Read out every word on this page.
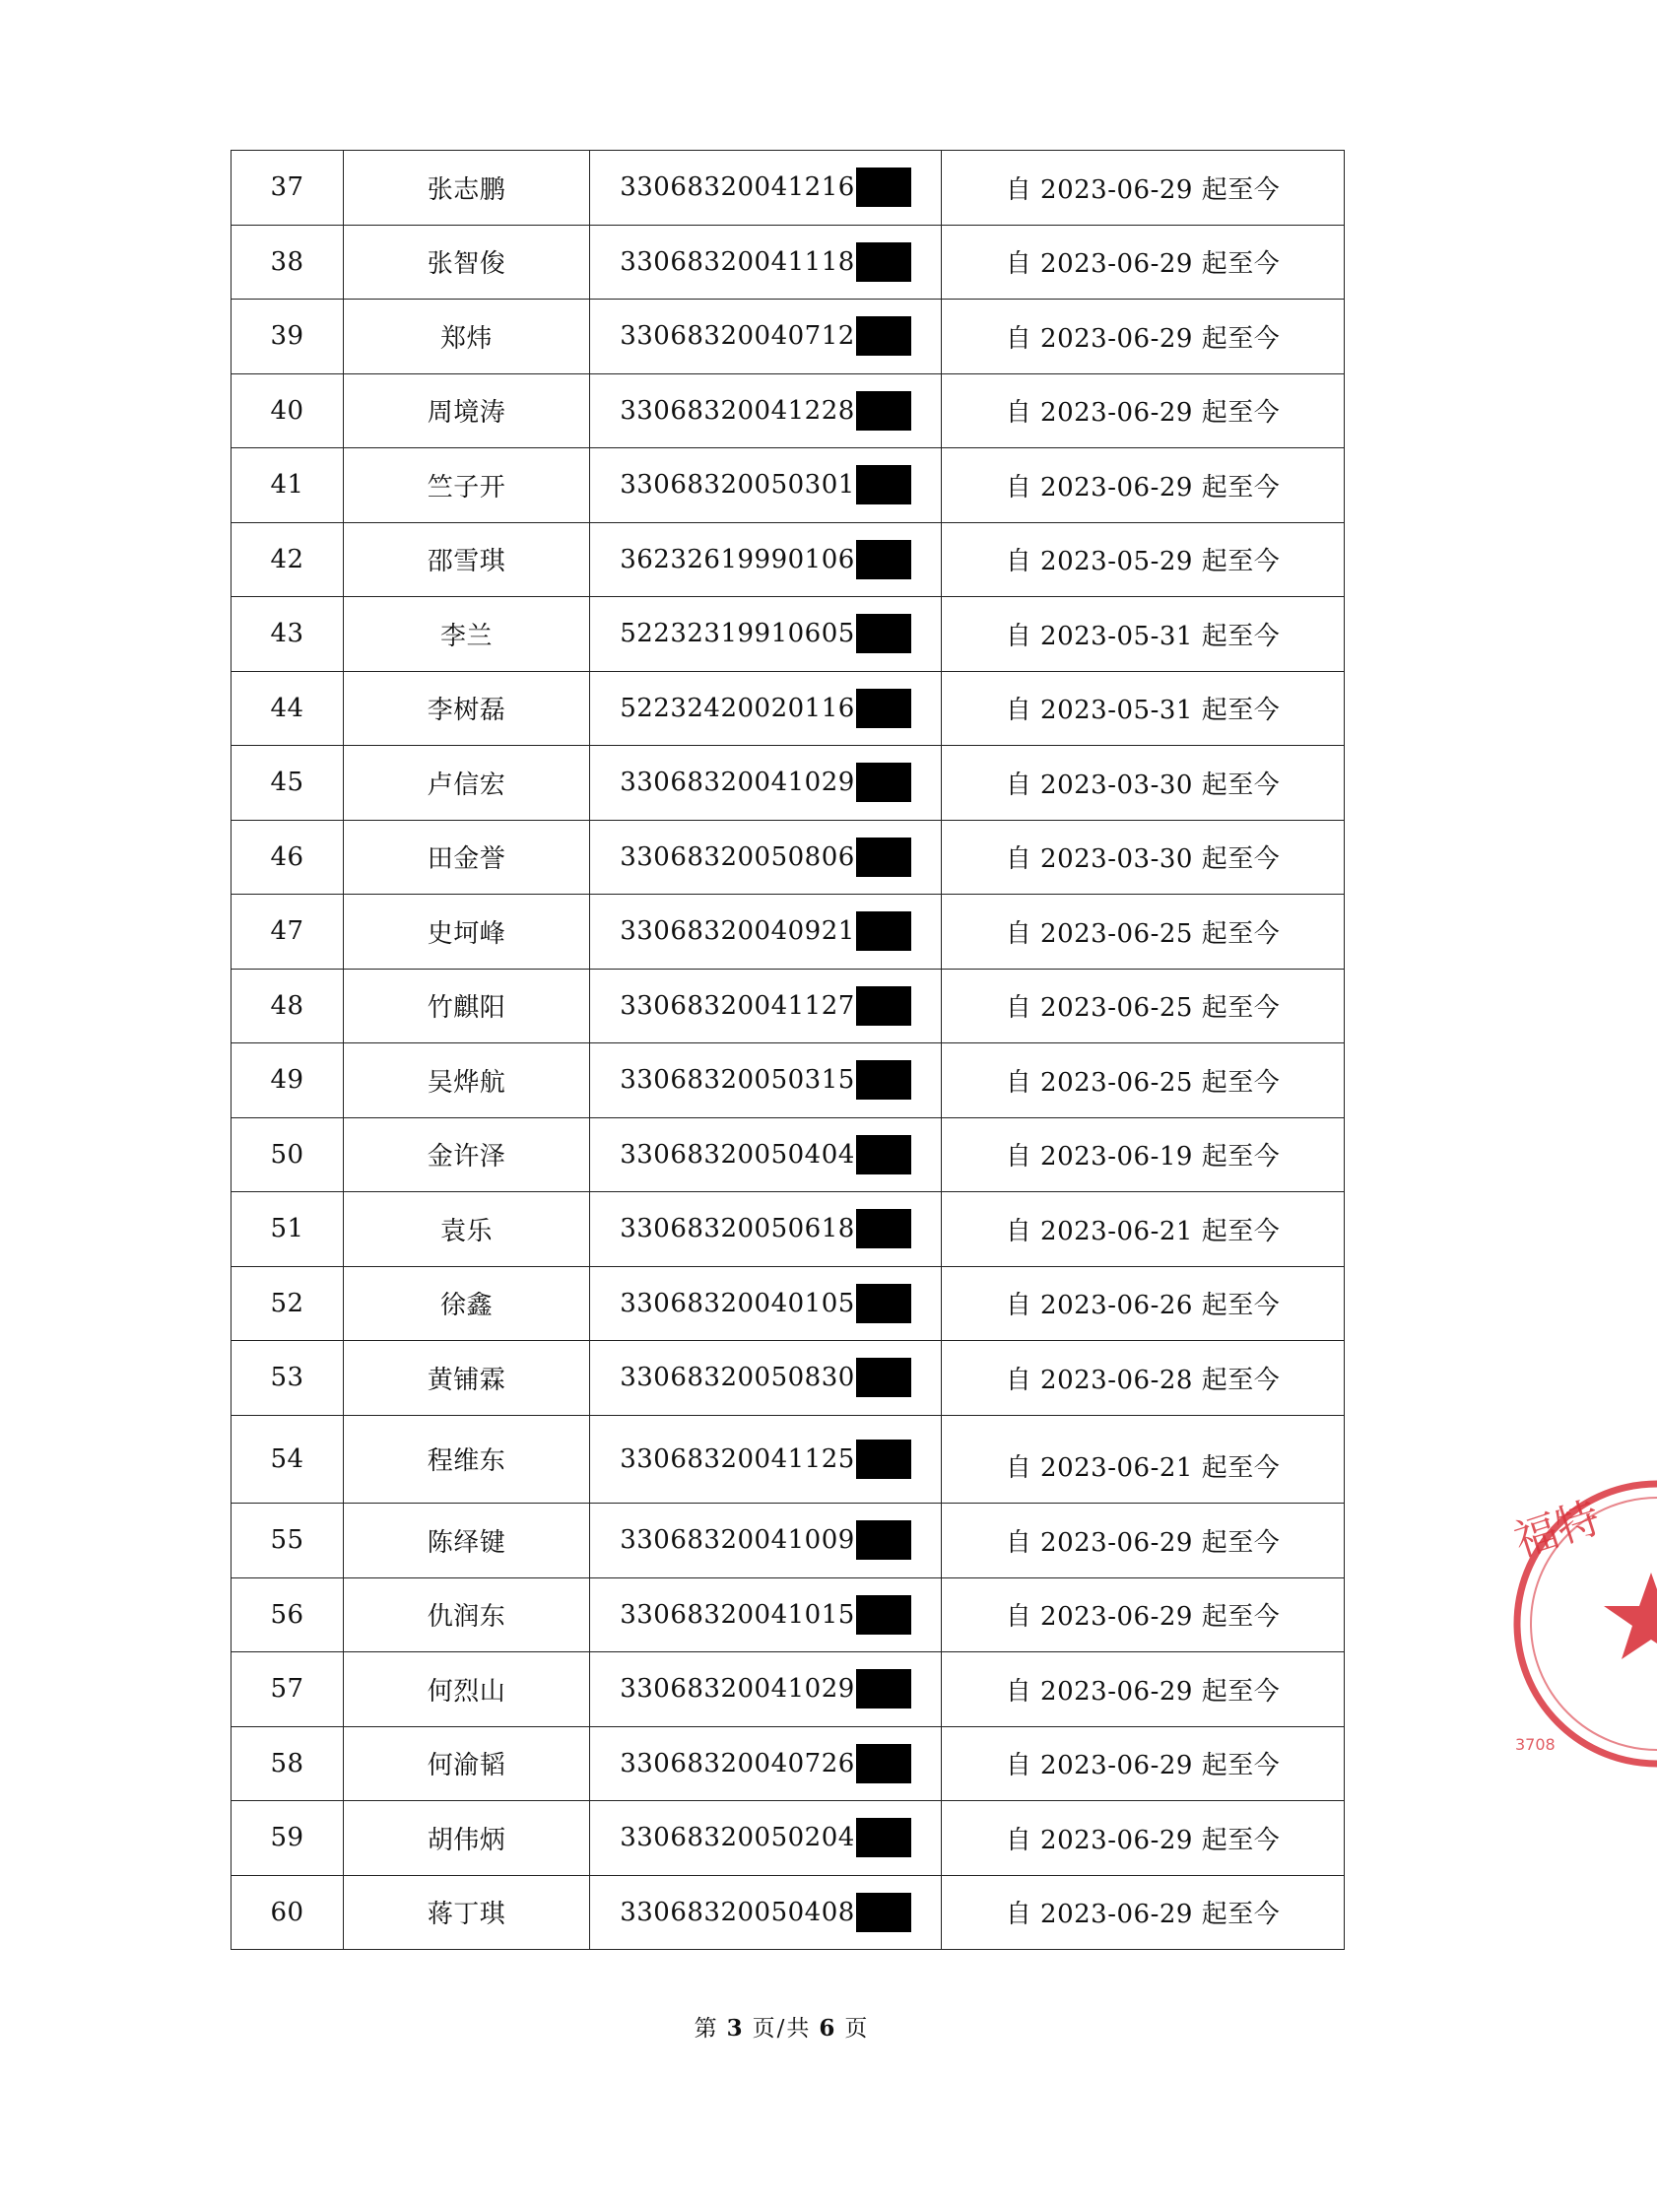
37	张志鹏	33068320041216	自 2023-06-29 起至今
38	张智俊	33068320041118	自 2023-06-29 起至今
39	郑炜	33068320040712	自 2023-06-29 起至今
40	周境涛	33068320041228	自 2023-06-29 起至今
41	竺子开	33068320050301	自 2023-06-29 起至今
42	邵雪琪	36232619990106	自 2023-05-29 起至今
43	李兰	52232319910605	自 2023-05-31 起至今
44	李树磊	52232420020116	自 2023-05-31 起至今
45	卢信宏	33068320041029	自 2023-03-30 起至今
46	田金誉	33068320050806	自 2023-03-30 起至今
47	史坷峰	33068320040921	自 2023-06-25 起至今
48	竹麒阳	33068320041127	自 2023-06-25 起至今
49	吴烨航	33068320050315	自 2023-06-25 起至今
50	金许泽	33068320050404	自 2023-06-19 起至今
51	袁乐	33068320050618	自 2023-06-21 起至今
52	徐鑫	33068320040105	自 2023-06-26 起至今
53	黄铺霖	33068320050830	自 2023-06-28 起至今
54	程维东	33068320041125	自 2023-06-21 起至今
55	陈绎键	33068320041009	自 2023-06-29 起至今
56	仇润东	33068320041015	自 2023-06-29 起至今
57	何烈山	33068320041029	自 2023-06-29 起至今
58	何渝韬	33068320040726	自 2023-06-29 起至今
59	胡伟炳	33068320050204	自 2023-06-29 起至今
60	蒋丁琪	33068320050408	自 2023-06-29 起至今
第 3 页/共 6 页
福特
3708
